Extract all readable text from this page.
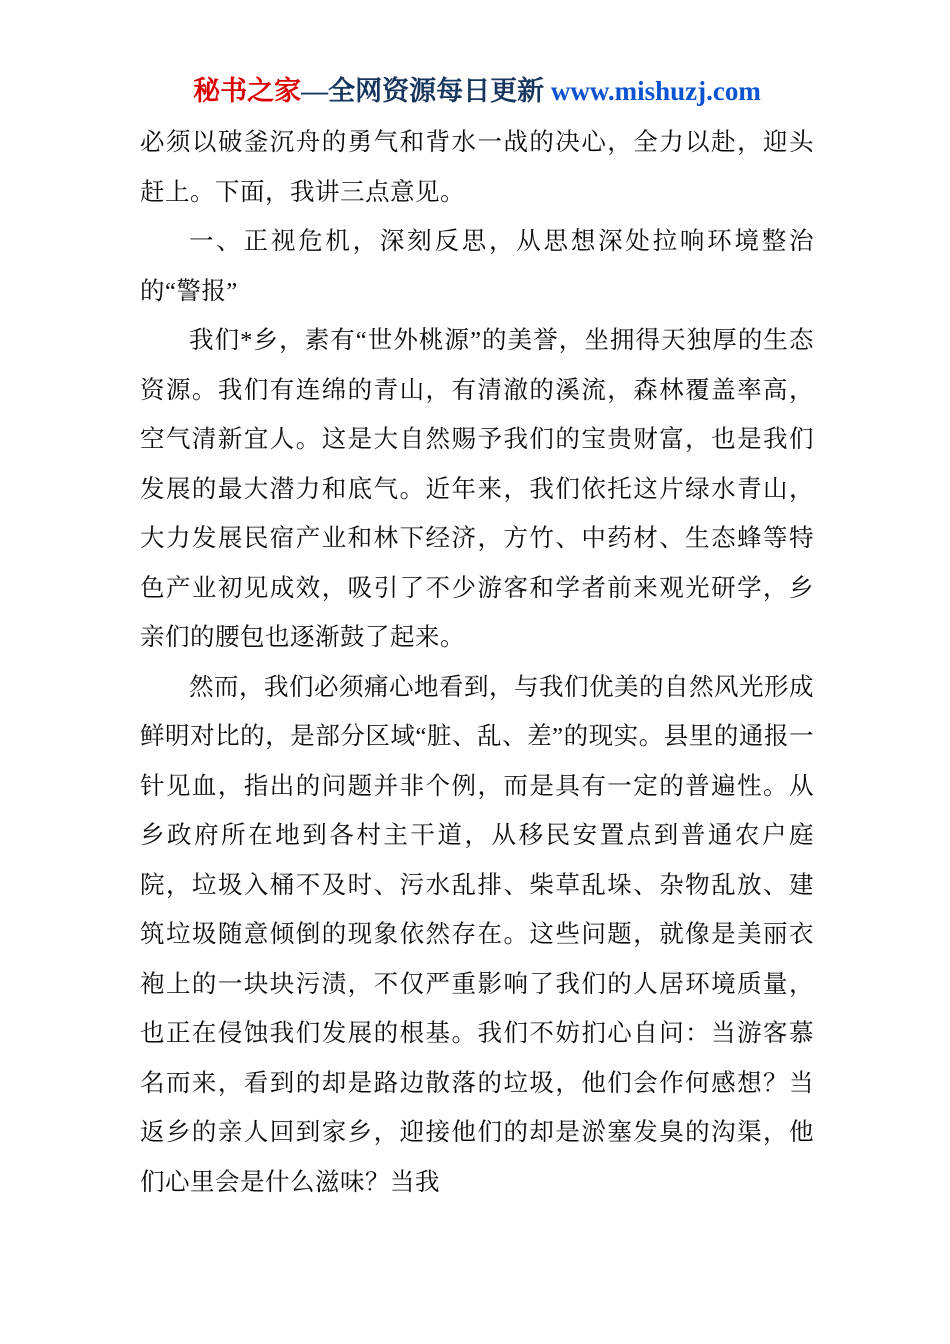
秘书之家—全网资源每日更新 www.mishuzj.com

必须以破釜沉舟的勇气和背水一战的决心，全力以赴，迎头赶上。下面，我讲三点意见。

一、正视危机，深刻反思，从思想深处拉响环境整治的“警报”

我们*乡，素有“世外桃源”的美誉，坐拥得天独厚的生态资源。我们有连绵的青山，有清澈的溪流，森林覆盖率高，空气清新宜人。这是大自然赐予我们的宝贵财富，也是我们发展的最大潜力和底气。近年来，我们依托这片绿水青山，大力发展民宿产业和林下经济，方竹、中药材、生态蜂等特色产业初见成效，吸引了不少游客和学者前来观光研学，乡亲们的腰包也逐渐鼓了起来。

然而，我们必须痛心地看到，与我们优美的自然风光形成鲜明对比的，是部分区域“脏、乱、差”的现实。县里的通报一针见血，指出的问题并非个例，而是具有一定的普遍性。从乡政府所在地到各村主干道，从移民安置点到普通农户庭院，垃圾入桶不及时、污水乱排、柴草乱垛、杂物乱放、建筑垃圾随意倾倒的现象依然存在。这些问题，就像是美丽衣袍上的一块块污渍，不仅严重影响了我们的人居环境质量，也正在侵蚀我们发展的根基。我们不妨扪心自问：当游客慕名而来，看到的却是路边散落的垃圾，他们会作何感想？当返乡的亲人回到家乡，迎接他们的却是淤塞发臭的沟渠，他们心里会是什么滋味？当我
